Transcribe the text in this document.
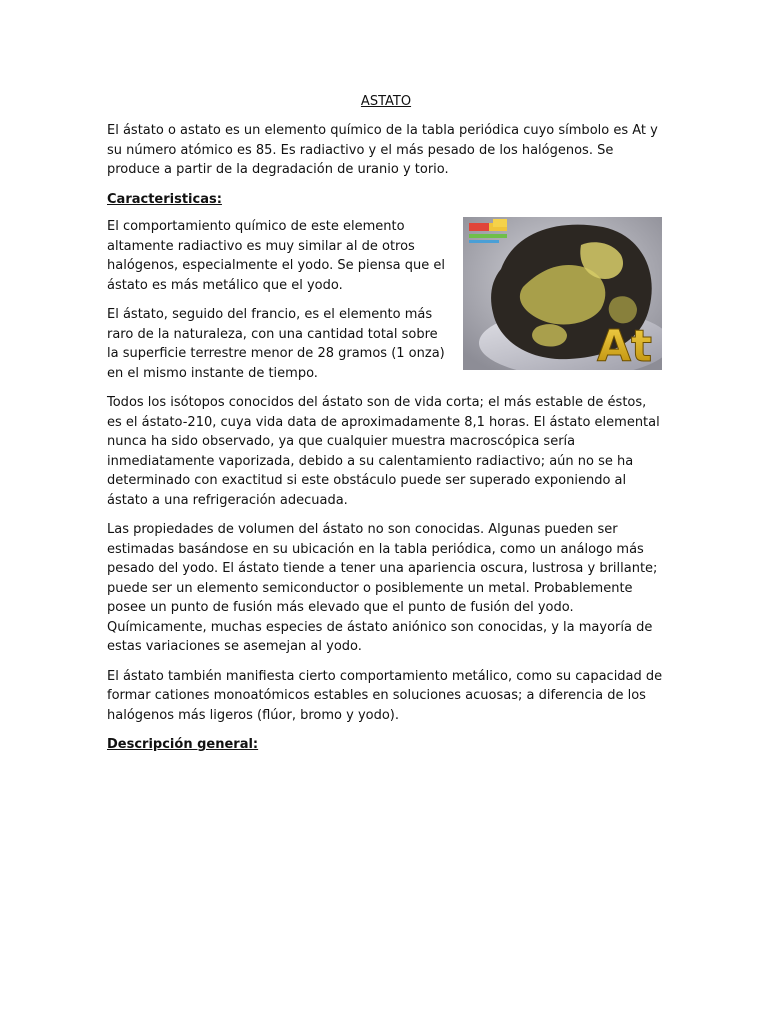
ASTATO

El ástato o astato es un elemento químico de la tabla periódica cuyo símbolo es At y su número atómico es 85. Es radiactivo y el más pesado de los halógenos. Se produce a partir de la degradación de uranio y torio.

Caracteristicas:

At

El comportamiento químico de este elemento altamente radiactivo es muy similar al de otros halógenos, especialmente el yodo. Se piensa que el ástato es más metálico que el yodo.

El ástato, seguido del francio, es el elemento más raro de la naturaleza, con una cantidad total sobre la superficie terrestre menor de 28 gramos (1 onza) en el mismo instante de tiempo.

Todos los isótopos conocidos del ástato son de vida corta; el más estable de éstos, es el ástato-210, cuya vida data de aproximadamente 8,1 horas. El ástato elemental nunca ha sido observado, ya que cualquier muestra macroscópica sería inmediatamente vaporizada, debido a su calentamiento radiactivo; aún no se ha determinado con exactitud si este obstáculo puede ser superado exponiendo al ástato a una refrigeración adecuada.

Las propiedades de volumen del ástato no son conocidas. Algunas pueden ser estimadas basándose en su ubicación en la tabla periódica, como un análogo más pesado del yodo. El ástato tiende a tener una apariencia oscura, lustrosa y brillante; puede ser un elemento semiconductor o posiblemente un metal. Probablemente posee un punto de fusión más elevado que el punto de fusión del yodo. Químicamente, muchas especies de ástato aniónico son conocidas, y la mayoría de estas variaciones se asemejan al yodo.

El ástato también manifiesta cierto comportamiento metálico, como su capacidad de formar cationes monoatómicos estables en soluciones acuosas; a diferencia de los halógenos más ligeros (flúor, bromo y yodo).

Descripción general:
